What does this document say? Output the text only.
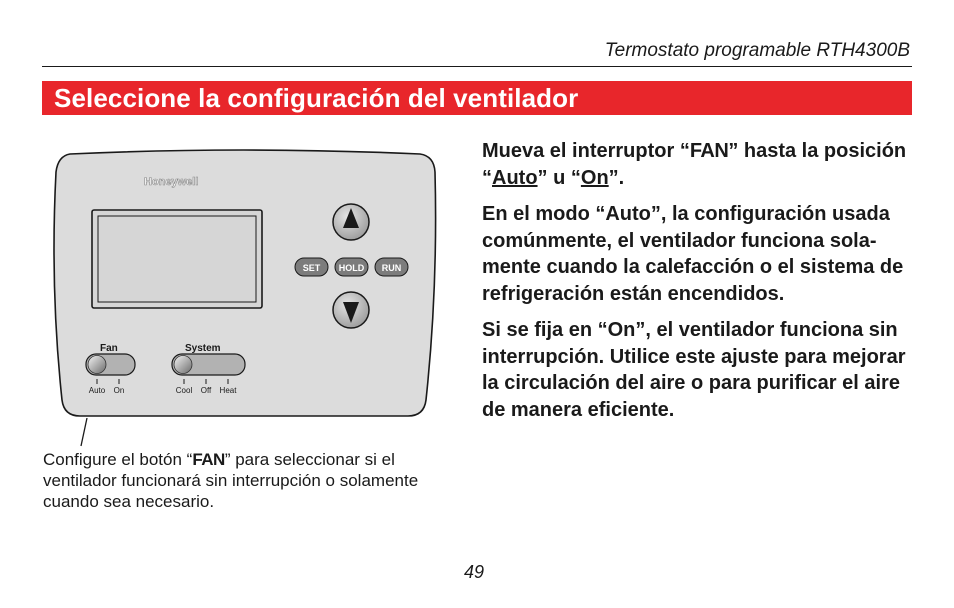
Termostato programable RTH4300B
Seleccione la configuración del ventilador
Honeywell
SET HOLD RUN
Fan
Auto On
System
Cool Off Heat

Mueva el interruptor “FAN” hasta la posición “Auto” u “On”.

En el modo “Auto”, la configuración usada comúnmente, el ventilador funciona solamente cuando la calefacción o el sistema de refrigeración están encendidos.

Si se fija en “On”, el ventilador funciona sin interrupción. Utilice este ajuste para mejorar la circulación del aire o para purificar el aire de manera eficiente.

Configure el botón “FAN” para seleccionar si el ventilador funcionará sin interrupción o solamente cuando sea necesario.
49
